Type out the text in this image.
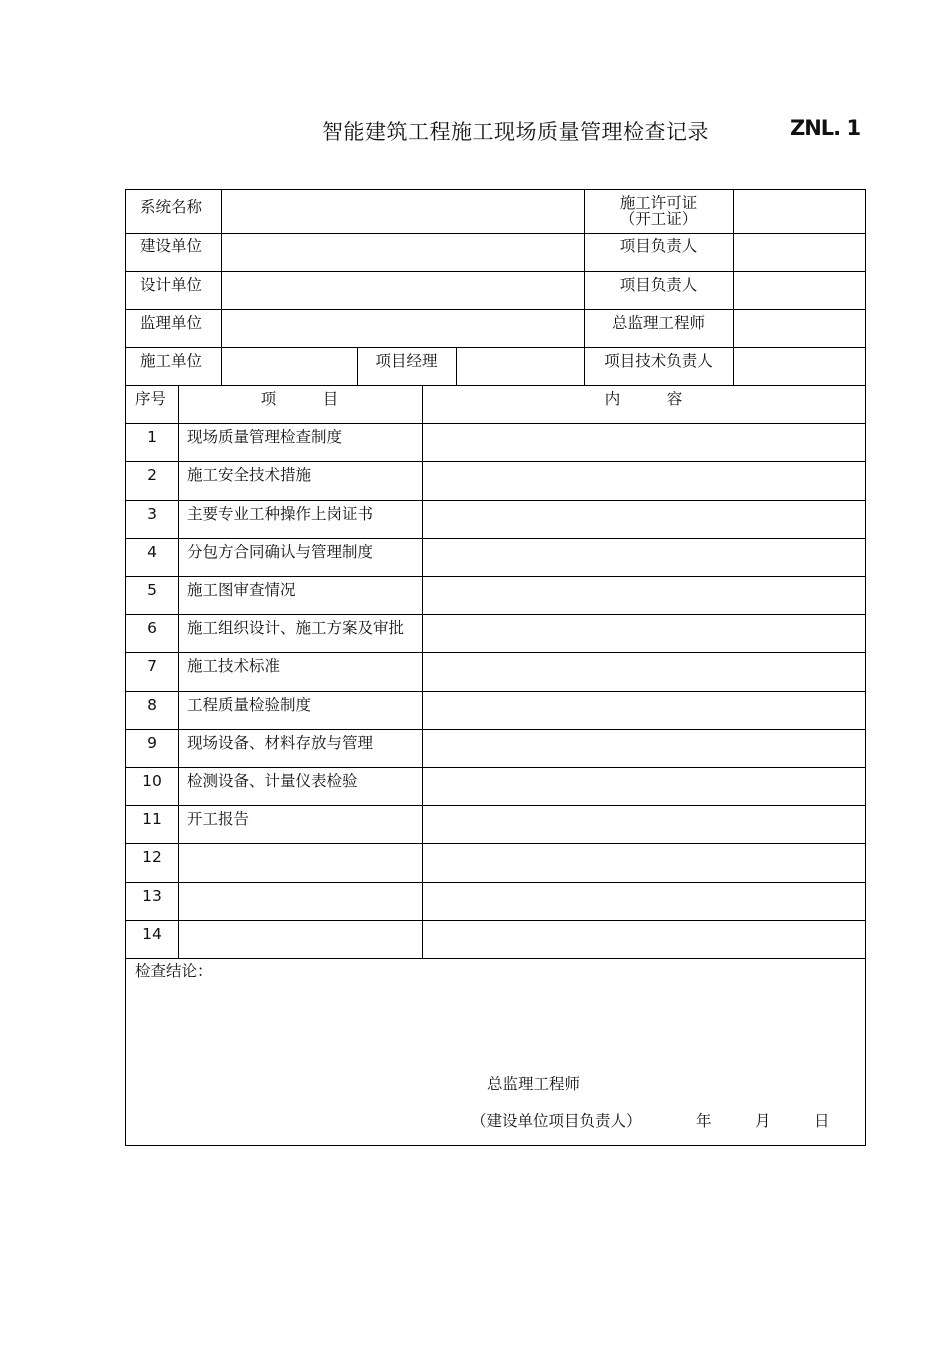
智能建筑工程施工现场质量管理检查记录	ZNL. 1
系统名称	施工许可证
（开工证）
建设单位	项目负责人
设计单位	项目负责人
监理单位	总监理工程师
施工单位	项目经理	项目技术负责人
序号	项　　　目	内　　　容
1	现场质量管理检查制度
2	施工安全技术措施
3	主要专业工种操作上岗证书
4	分包方合同确认与管理制度
5	施工图审查情况
6	施工组织设计、施工方案及审批
7	施工技术标准
8	工程质量检验制度
9	现场设备、材料存放与管理
10	检测设备、计量仪表检验
11	开工报告
12
13
14
检查结论：
总监理工程师
（建设单位项目负责人）	年	月	日
